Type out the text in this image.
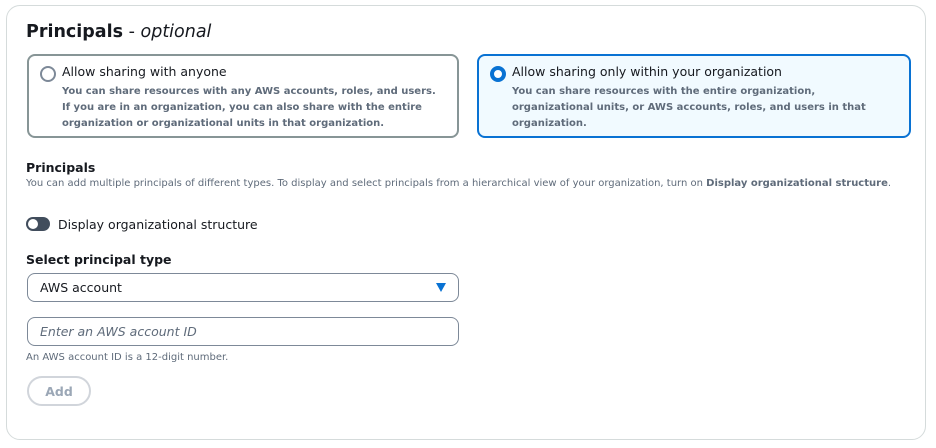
Principals - optional
Allow sharing with anyone
You can share resources with any AWS accounts, roles, and users. If you are in an organization, you can also share with the entire organization or organizational units in that organization.
Allow sharing only within your organization
You can share resources with the entire organization, organizational units, or AWS accounts, roles, and users in that organization.
Principals
You can add multiple principals of different types. To display and select principals from a hierarchical view of your organization, turn on Display organizational structure.
Display organizational structure
Select principal type
AWS account
Enter an AWS account ID
An AWS account ID is a 12-digit number.
Add
